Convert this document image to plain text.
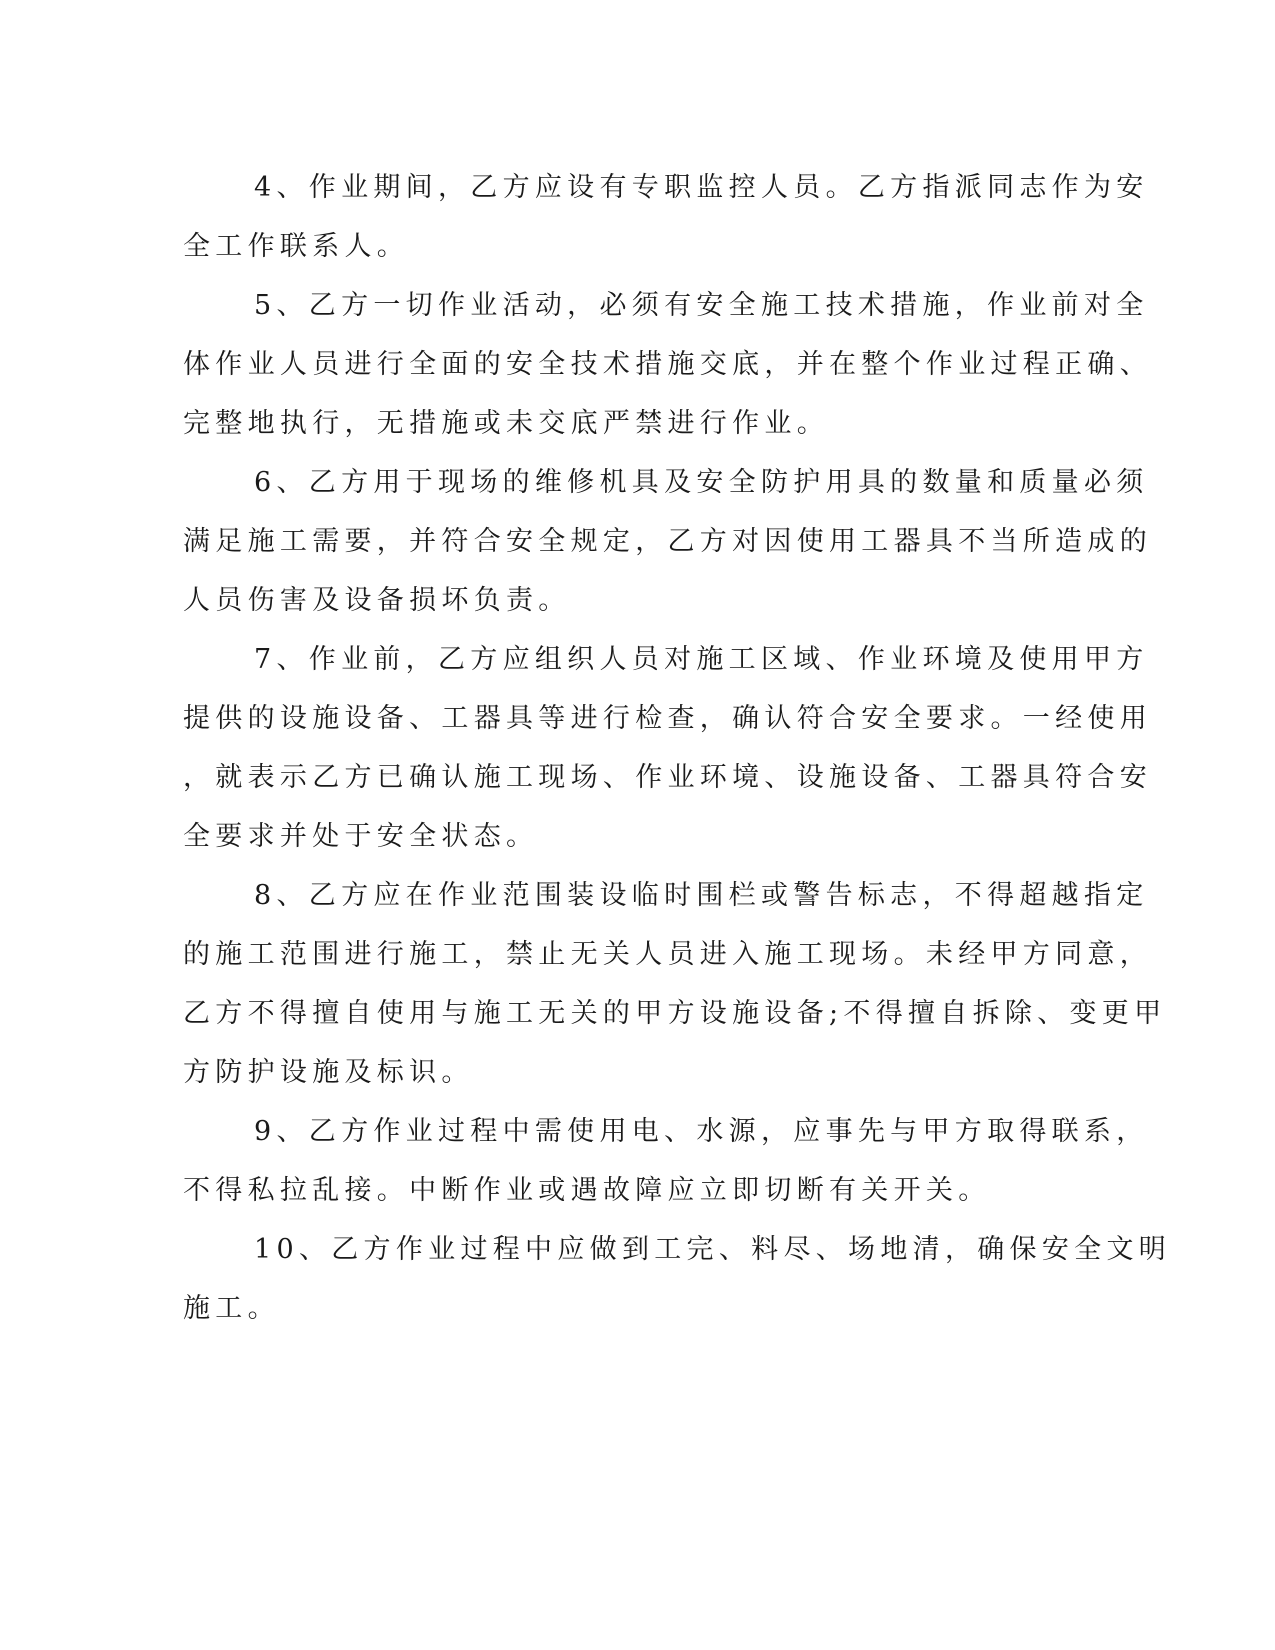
4、作业期间，乙方应设有专职监控人员。乙方指派同志作为安
全工作联系人。
5、乙方一切作业活动，必须有安全施工技术措施，作业前对全
体作业人员进行全面的安全技术措施交底，并在整个作业过程正确、
完整地执行，无措施或未交底严禁进行作业。
6、乙方用于现场的维修机具及安全防护用具的数量和质量必须
满足施工需要，并符合安全规定，乙方对因使用工器具不当所造成的
人员伤害及设备损坏负责。
7、作业前，乙方应组织人员对施工区域、作业环境及使用甲方
提供的设施设备、工器具等进行检查，确认符合安全要求。一经使用
，就表示乙方已确认施工现场、作业环境、设施设备、工器具符合安
全要求并处于安全状态。
8、乙方应在作业范围装设临时围栏或警告标志，不得超越指定
的施工范围进行施工，禁止无关人员进入施工现场。未经甲方同意，
乙方不得擅自使用与施工无关的甲方设施设备;不得擅自拆除、变更甲
方防护设施及标识。
9、乙方作业过程中需使用电、水源，应事先与甲方取得联系，
不得私拉乱接。中断作业或遇故障应立即切断有关开关。
10、乙方作业过程中应做到工完、料尽、场地清，确保安全文明
施工。
